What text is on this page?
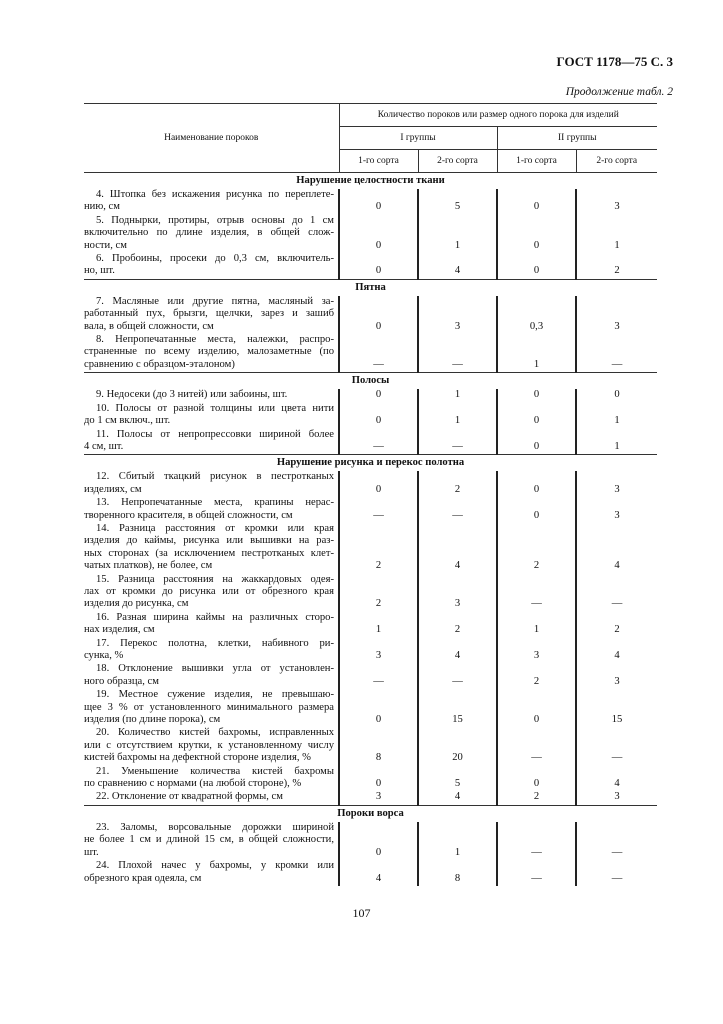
ГОСТ 1178—75 С. 3
Продолжение табл. 2
Наименование пороков	Количество пороков или размер одного порока для изделий			
	I группы		II группы	
	1-го сорта	2-го сорта	1-го сорта	2-го сорта
Нарушение целостности ткани				

4. Штопка без искажения рисунка по переплете-
нию, см	0	5	0	3

5. Поднырки, протиры, отрыв основы до 1 см
включительно по длине изделия, в общей слож-
ности, см	0	1	0	1

6. Пробоины, просеки до 0,3 см, включитель-
но, шт.	0	4	0	2
Пятна				

7. Масляные или другие пятна, масляный за-
работанный пух, брызги, щелчки, зарез и зашиб
вала, в общей сложности, см	0	3	0,3	3

8. Непропечатанные места, належки, распро-
страненные по всему изделию, малозаметные (по
сравнению с образцом-эталоном)	—	—	1	—
Полосы				

9. Недосеки (до 3 нитей) или забоины, шт.	0	1	0	0

10. Полосы от разной толщины или цвета нити
до 1 см включ., шт.	0	1	0	1

11. Полосы от непропрессовки шириной более
4 см, шт.	—	—	0	1
Нарушение рисунка и перекос полотна				

12. Сбитый ткацкий рисунок в пестротканых
изделиях, см	0	2	0	3

13. Непропечатанные места, крапины нерас-
творенного красителя, в общей сложности, см	—	—	0	3

14. Разница расстояния от кромки или края
изделия до каймы, рисунка или вышивки на раз-
ных сторонах (за исключением пестротканых клет-
чатых платков), не более, см	2	4	2	4

15. Разница расстояния на жаккардовых одея-
лах от кромки до рисунка или от обрезного края
изделия до рисунка, см	2	3	—	—

16. Разная ширина каймы на различных сторо-
нах изделия, см	1	2	1	2

17. Перекос полотна, клетки, набивного ри-
сунка, %	3	4	3	4

18. Отклонение вышивки угла от установлен-
ного образца, см	—	—	2	3

19. Местное сужение изделия, не превышаю-
щее 3 % от установленного минимального размера
изделия (по длине порока), см	0	15	0	15

20. Количество кистей бахромы, исправленных
или с отсутствием крутки, к установленному числу
кистей бахромы на дефектной стороне изделия, %	8	20	—	—

21. Уменьшение количества кистей бахромы
по сравнению с нормами (на любой стороне), %	0	5	0	4

22. Отклонение от квадратной формы, см	3	4	2	3
Пороки ворса				

23. Заломы, ворсовальные дорожки шириной
не более 1 см и длиной 15 см, в общей сложности,
шт.	0	1	—	—

24. Плохой начес у бахромы, у кромки или
обрезного края одеяла, см	4	8	—	—
107
